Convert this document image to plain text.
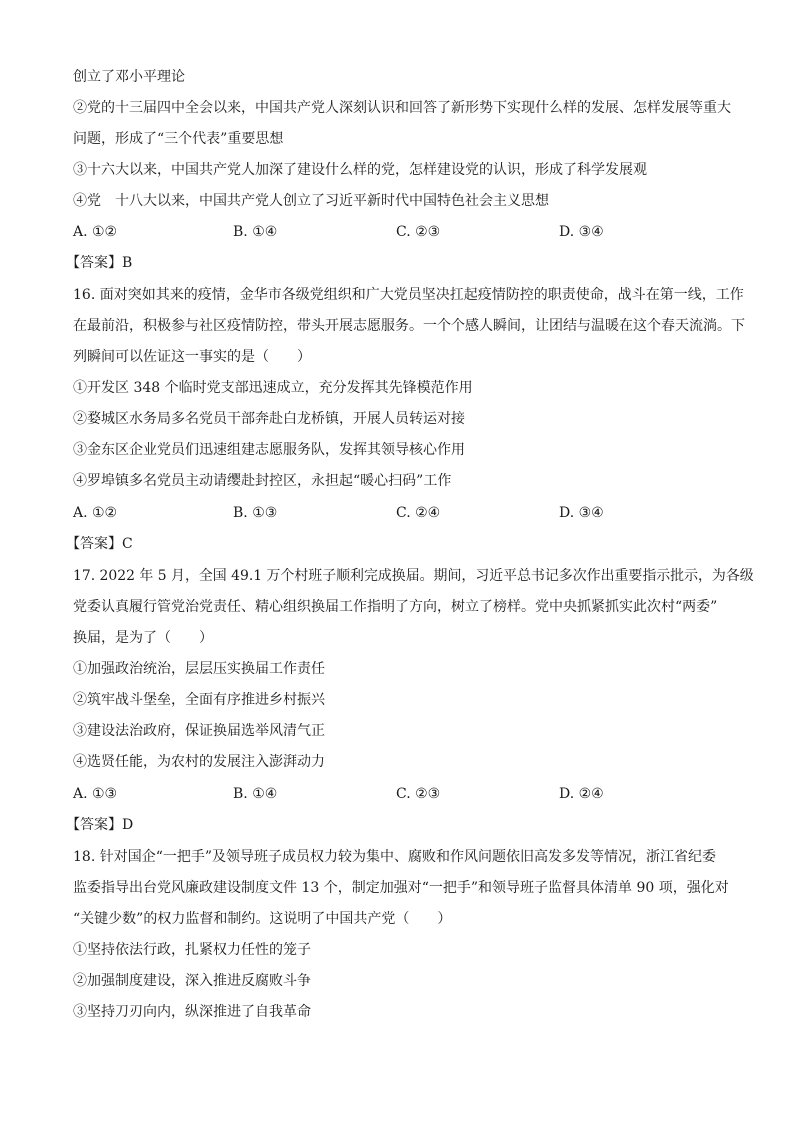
创立了邓小平理论
②党的十三届四中全会以来，中国共产党人深刻认识和回答了新形势下实现什么样的发展、怎样发展等重大
问题，形成了“三个代表”重要思想
③十六大以来，中国共产党人加深了建设什么样的党，怎样建设党的认识，形成了科学发展观
④党　十八大以来，中国共产党人创立了习近平新时代中国特色社会主义思想
A. ①②	B. ①④	C. ②③	D. ③④
【答案】B
16. 面对突如其来的疫情，金华市各级党组织和广大党员坚决扛起疫情防控的职责使命，战斗在第一线，工作
在最前沿，积极参与社区疫情防控，带头开展志愿服务。一个个感人瞬间，让团结与温暖在这个春天流淌。下
列瞬间可以佐证这一事实的是（　　）
①开发区 348 个临时党支部迅速成立，充分发挥其先锋模范作用
②婺城区水务局多名党员干部奔赴白龙桥镇，开展人员转运对接
③金东区企业党员们迅速组建志愿服务队，发挥其领导核心作用
④罗埠镇多名党员主动请缨赴封控区，永担起“暖心扫码”工作
A. ①②	B. ①③	C. ②④	D. ③④
【答案】C
17. 2022 年 5 月，全国 49.1 万个村班子顺利完成换届。期间，习近平总书记多次作出重要指示批示，为各级
党委认真履行管党治党责任、精心组织换届工作指明了方向，树立了榜样。党中央抓紧抓实此次村“两委”
换届，是为了（　　）
①加强政治统治，层层压实换届工作责任
②筑牢战斗堡垒，全面有序推进乡村振兴
③建设法治政府，保证换届选举风清气正
④选贤任能，为农村的发展注入澎湃动力
A. ①③	B. ①④	C. ②③	D. ②④
【答案】D
18. 针对国企“一把手”及领导班子成员权力较为集中、腐败和作风问题依旧高发多发等情况，浙江省纪委
监委指导出台党风廉政建设制度文件 13 个，制定加强对“一把手”和领导班子监督具体清单 90 项，强化对
“关键少数”的权力监督和制约。这说明了中国共产党（　　）
①坚持依法行政，扎紧权力任性的笼子
②加强制度建设，深入推进反腐败斗争
③坚持刀刃向内，纵深推进了自我革命
